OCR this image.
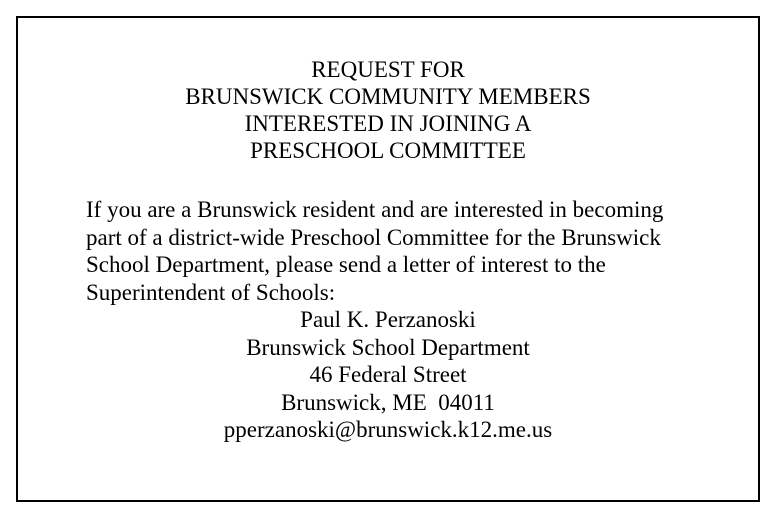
REQUEST FOR
BRUNSWICK COMMUNITY MEMBERS
INTERESTED IN JOINING A
PRESCHOOL COMMITTEE
If you are a Brunswick resident and are interested in becoming
part of a district-wide Preschool Committee for the Brunswick
School Department, please send a letter of interest to the
Superintendent of Schools:
Paul K. Perzanoski
Brunswick School Department
46 Federal Street
Brunswick, ME  04011
pperzanoski@brunswick.k12.me.us
